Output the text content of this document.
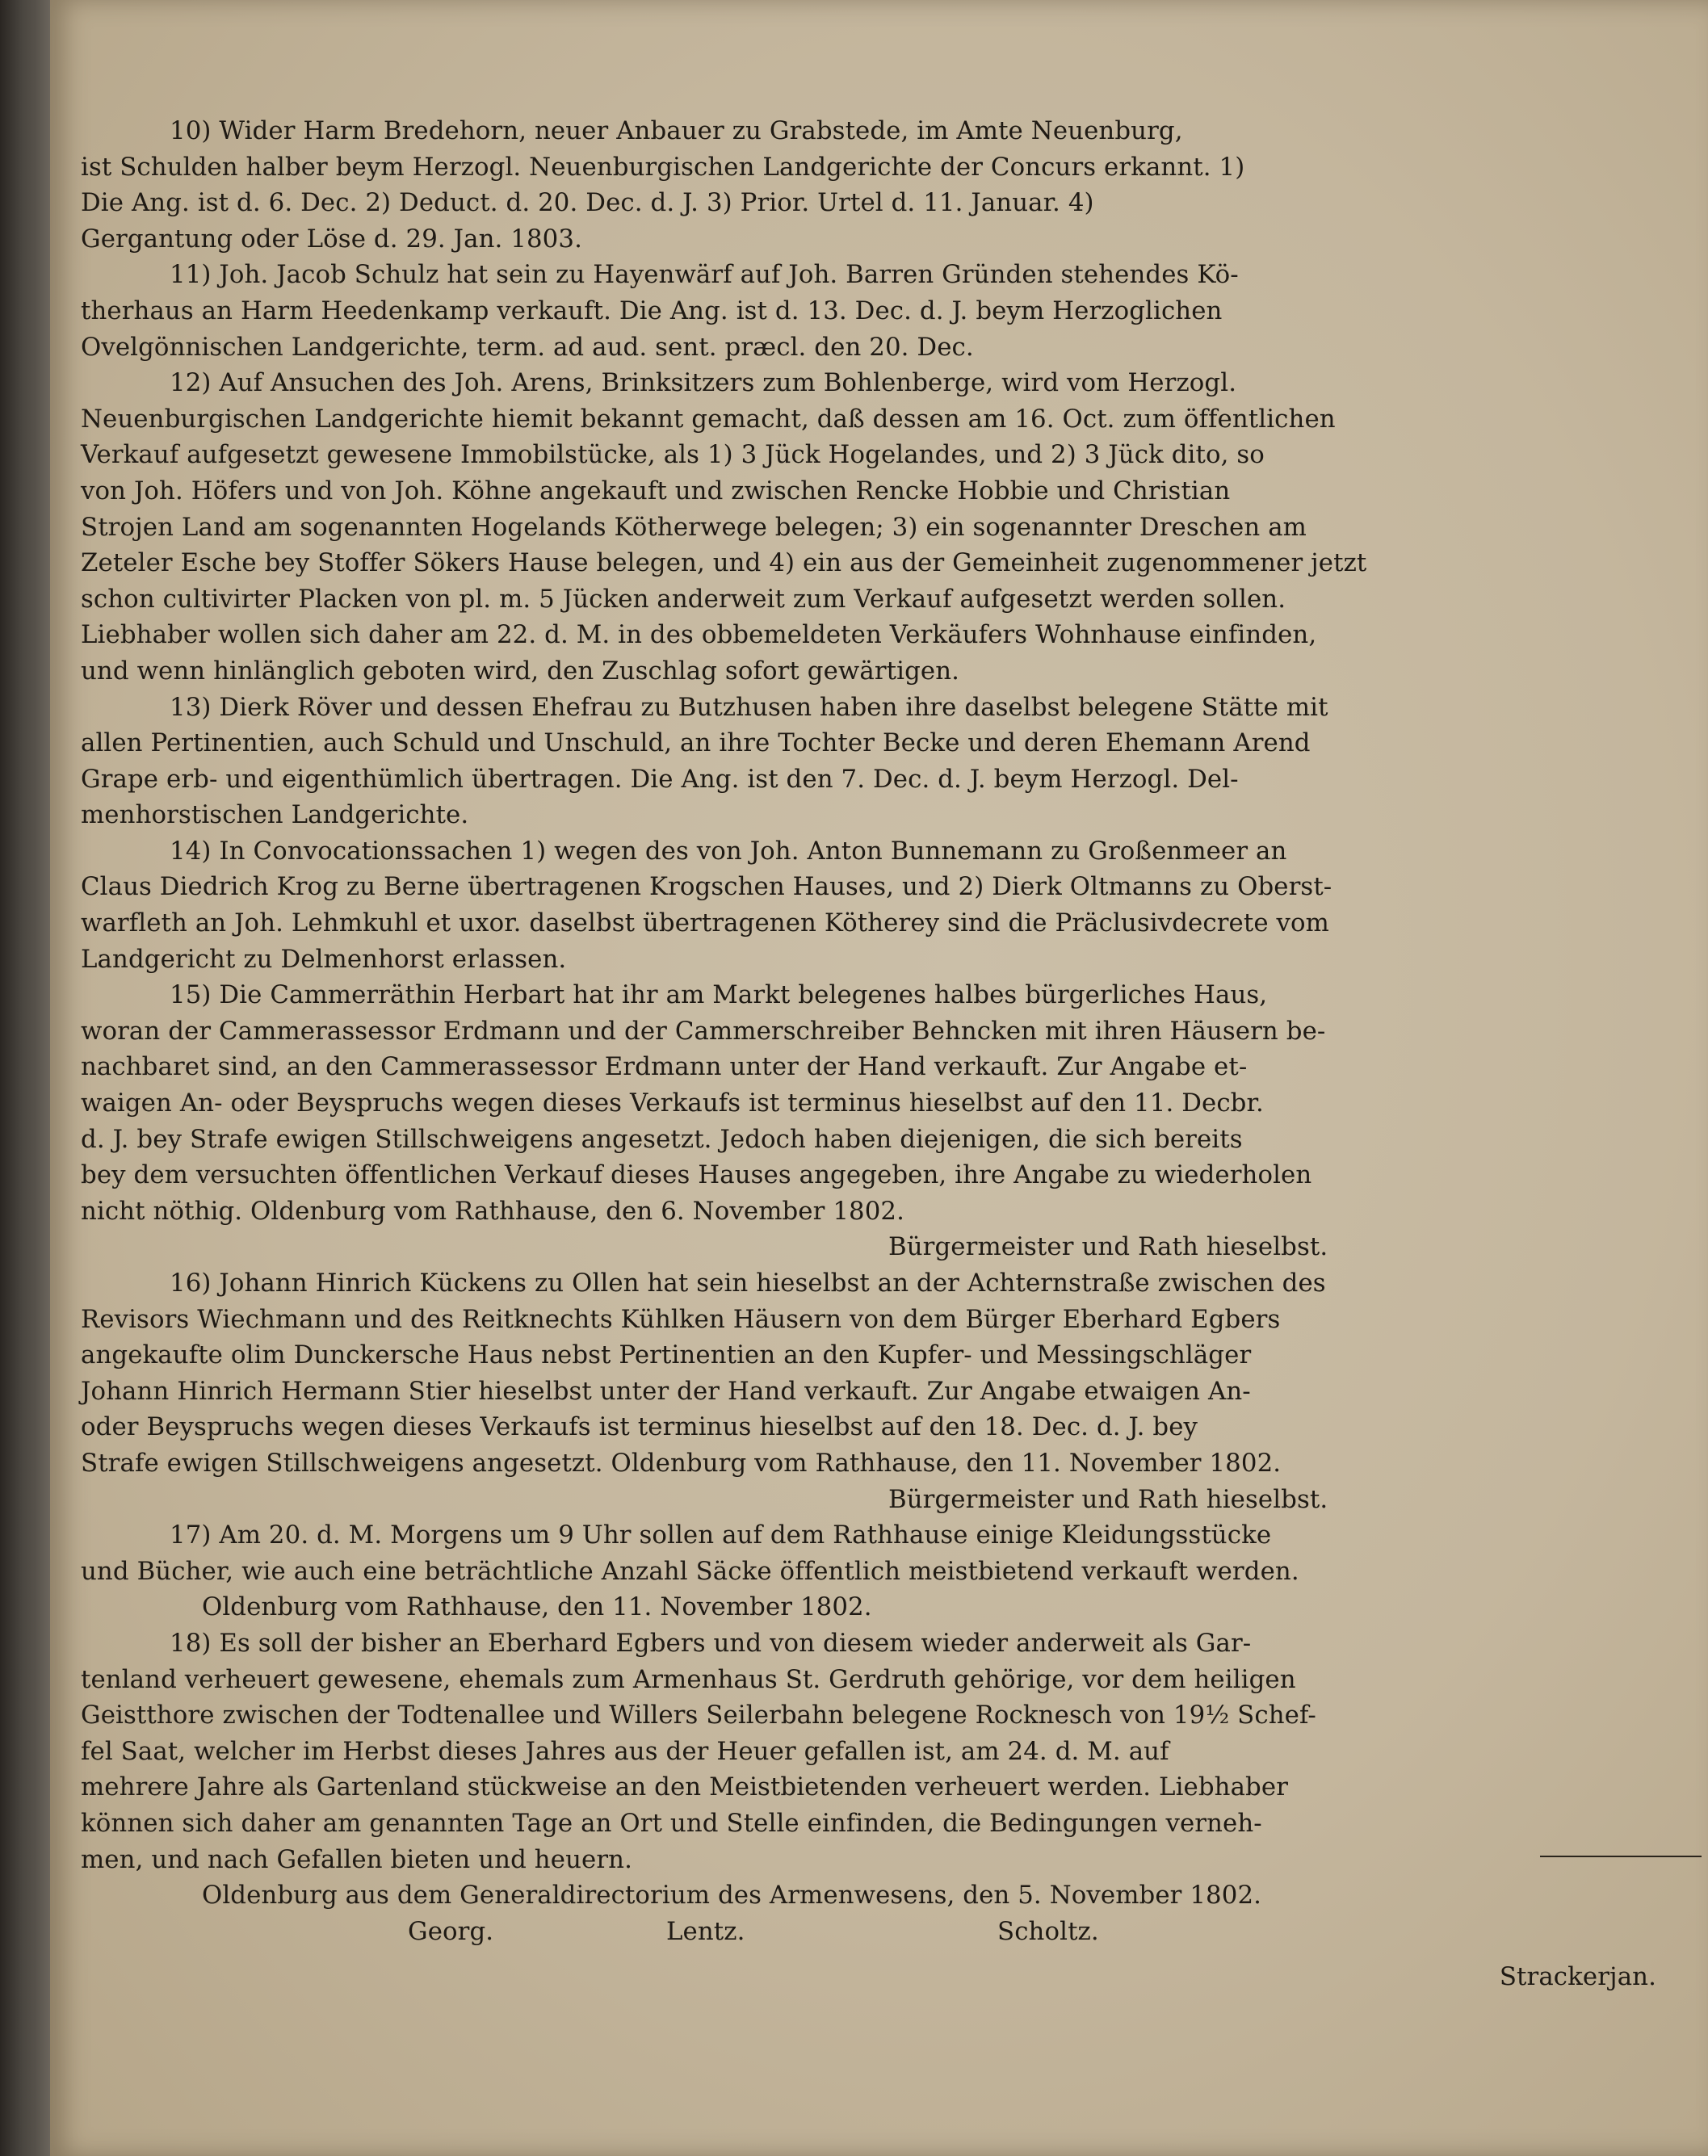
10) Wider Harm Bredehorn, neuer Anbauer zu Grabstede, im Amte Neuenburg,
ist Schulden halber beym Herzogl. Neuenburgischen Landgerichte der Concurs erkannt. 1)
Die Ang. ist d. 6. Dec. 2) Deduct. d. 20. Dec. d. J. 3) Prior. Urtel d. 11. Januar. 4)
Gergantung oder Löse d. 29. Jan. 1803.
11) Joh. Jacob Schulz hat sein zu Hayenwärf auf Joh. Barren Gründen stehendes Kö-
therhaus an Harm Heedenkamp verkauft. Die Ang. ist d. 13. Dec. d. J. beym Herzoglichen
Ovelgönnischen Landgerichte, term. ad aud. sent. præcl. den 20. Dec.
12) Auf Ansuchen des Joh. Arens, Brinksitzers zum Bohlenberge, wird vom Herzogl.
Neuenburgischen Landgerichte hiemit bekannt gemacht, daß dessen am 16. Oct. zum öffentlichen
Verkauf aufgesetzt gewesene Immobilstücke, als 1) 3 Jück Hogelandes, und 2) 3 Jück dito, so
von Joh. Höfers und von Joh. Köhne angekauft und zwischen Rencke Hobbie und Christian
Strojen Land am sogenannten Hogelands Kötherwege belegen; 3) ein sogenannter Dreschen am
Zeteler Esche bey Stoffer Sökers Hause belegen, und 4) ein aus der Gemeinheit zugenommener jetzt
schon cultivirter Placken von pl. m. 5 Jücken anderweit zum Verkauf aufgesetzt werden sollen.
Liebhaber wollen sich daher am 22. d. M. in des obbemeldeten Verkäufers Wohnhause einfinden,
und wenn hinlänglich geboten wird, den Zuschlag sofort gewärtigen.
13) Dierk Röver und dessen Ehefrau zu Butzhusen haben ihre daselbst belegene Stätte mit
allen Pertinentien, auch Schuld und Unschuld, an ihre Tochter Becke und deren Ehemann Arend
Grape erb- und eigenthümlich übertragen. Die Ang. ist den 7. Dec. d. J. beym Herzogl. Del-
menhorstischen Landgerichte.
14) In Convocationssachen 1) wegen des von Joh. Anton Bunnemann zu Großenmeer an
Claus Diedrich Krog zu Berne übertragenen Krogschen Hauses, und 2) Dierk Oltmanns zu Oberst-
warfleth an Joh. Lehmkuhl et uxor. daselbst übertragenen Kötherey sind die Präclusivdecrete vom
Landgericht zu Delmenhorst erlassen.
15) Die Cammerräthin Herbart hat ihr am Markt belegenes halbes bürgerliches Haus,
woran der Cammerassessor Erdmann und der Cammerschreiber Behncken mit ihren Häusern be-
nachbaret sind, an den Cammerassessor Erdmann unter der Hand verkauft. Zur Angabe et-
waigen An- oder Beyspruchs wegen dieses Verkaufs ist terminus hieselbst auf den 11. Decbr.
d. J. bey Strafe ewigen Stillschweigens angesetzt. Jedoch haben diejenigen, die sich bereits
bey dem versuchten öffentlichen Verkauf dieses Hauses angegeben, ihre Angabe zu wiederholen
nicht nöthig. Oldenburg vom Rathhause, den 6. November 1802.

Bürgermeister und Rath hieselbst.

16) Johann Hinrich Kückens zu Ollen hat sein hieselbst an der Achternstraße zwischen des
Revisors Wiechmann und des Reitknechts Kühlken Häusern von dem Bürger Eberhard Egbers
angekaufte olim Dunckersche Haus nebst Pertinentien an den Kupfer- und Messingschläger
Johann Hinrich Hermann Stier hieselbst unter der Hand verkauft. Zur Angabe etwaigen An-
oder Beyspruchs wegen dieses Verkaufs ist terminus hieselbst auf den 18. Dec. d. J. bey
Strafe ewigen Stillschweigens angesetzt. Oldenburg vom Rathhause, den 11. November 1802.

Bürgermeister und Rath hieselbst.

17) Am 20. d. M. Morgens um 9 Uhr sollen auf dem Rathhause einige Kleidungsstücke
und Bücher, wie auch eine beträchtliche Anzahl Säcke öffentlich meistbietend verkauft werden.

Oldenburg vom Rathhause, den 11. November 1802.

18) Es soll der bisher an Eberhard Egbers und von diesem wieder anderweit als Gar-
tenland verheuert gewesene, ehemals zum Armenhaus St. Gerdruth gehörige, vor dem heiligen
Geistthore zwischen der Todtenallee und Willers Seilerbahn belegene Rocknesch von 19½ Schef-
fel Saat, welcher im Herbst dieses Jahres aus der Heuer gefallen ist, am 24. d. M. auf
mehrere Jahre als Gartenland stückweise an den Meistbietenden verheuert werden. Liebhaber
können sich daher am genannten Tage an Ort und Stelle einfinden, die Bedingungen verneh-
men, und nach Gefallen bieten und heuern.

Oldenburg aus dem Generaldirectorium des Armenwesens, den 5. November 1802.

Georg.	Lentz.	Scholtz.

Strackerjan.
